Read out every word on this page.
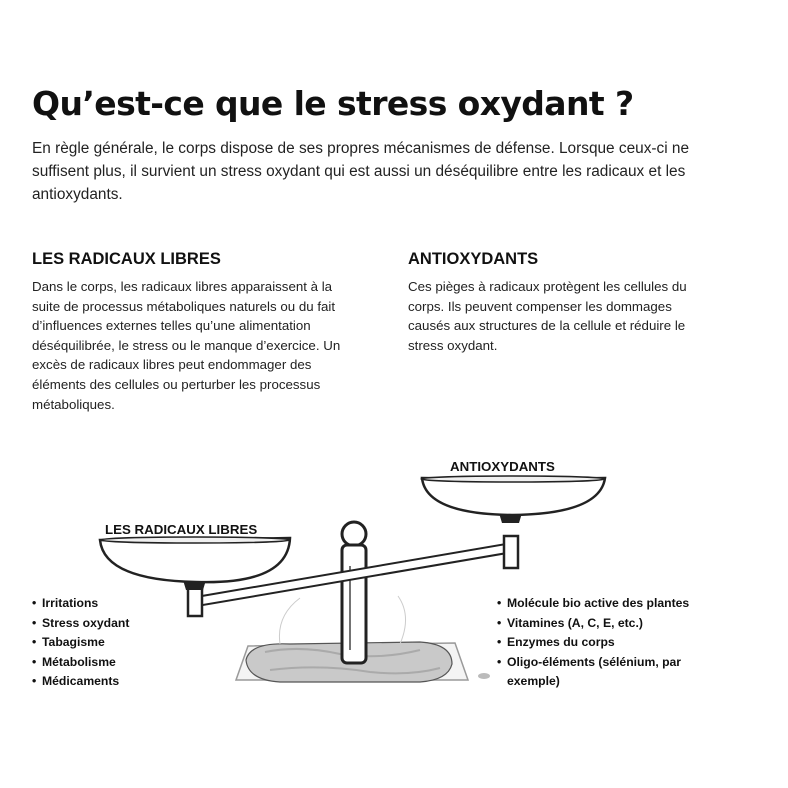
Qu’est-ce que le stress oxydant ?

En règle générale, le corps dispose de ses propres mécanismes de défense. Lorsque ceux-ci ne suffisent plus, il survient un stress oxydant qui est aussi un déséquilibre entre les radicaux et les antioxydants.

LES RADICAUX LIBRES

Dans le corps, les radicaux libres apparaissent à la suite de processus métaboliques naturels ou du fait d’influences externes telles qu’une alimentation déséquilibrée, le stress ou le manque d’exercice. Un excès de radicaux libres peut endommager des éléments des cellules ou perturber les processus métaboliques.

ANTIOXYDANTS

Ces pièges à radicaux protègent les cellules du corps. Ils peuvent compenser les dommages causés aux structures de la cellule et réduire le stress oxydant.

LES RADICAUX LIBRES

ANTIOXYDANTS

• Irritations
• Stress oxydant
• Tabagisme
• Métabolisme
• Médicaments
• Molécule bio active des plantes
• Vitamines (A, C, E, etc.)
• Enzymes du corps
• Oligo-éléments (sélénium, par exemple)
